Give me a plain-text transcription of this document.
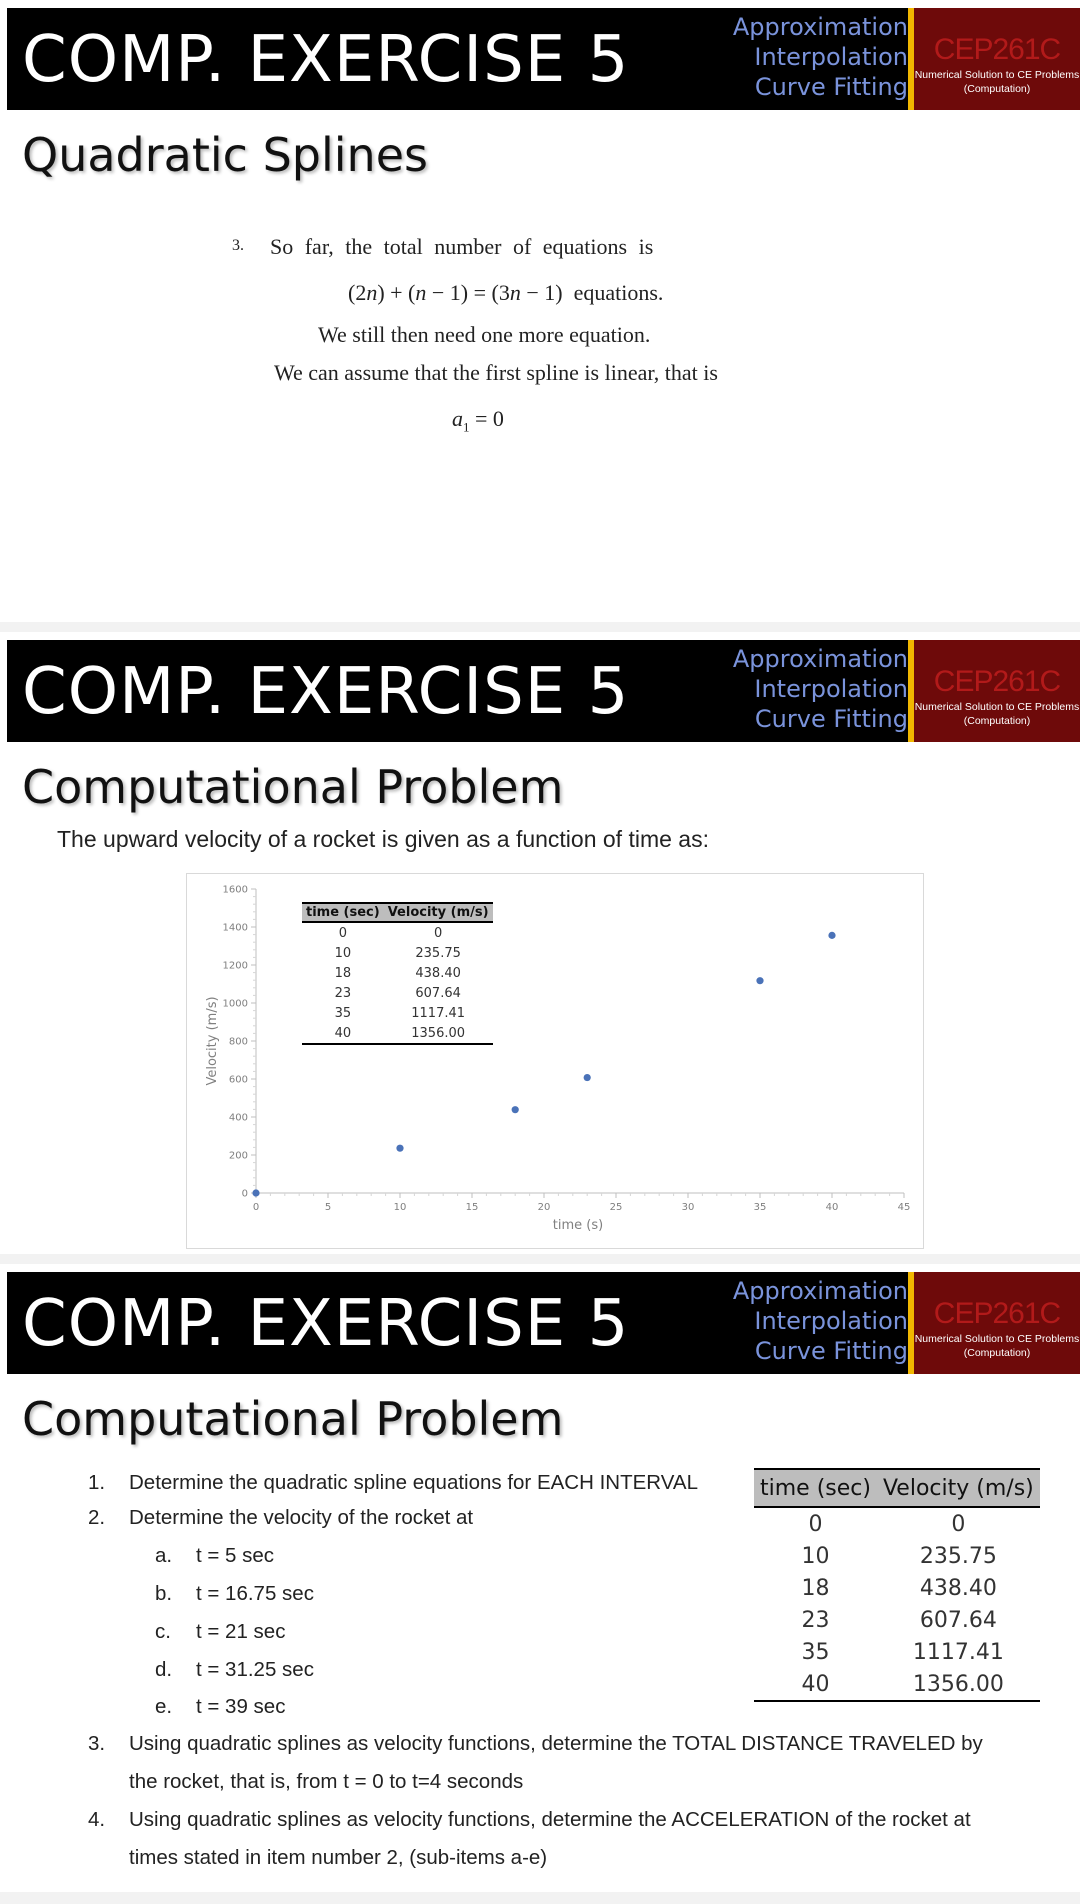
COMP. EXERCISE 5	Approximation
Interpolation
Curve Fitting
CEP261C
Numerical Solution to CE Problems
(Computation)
Quadratic Splines
3. So far, the total number of equations is
(2n) + (n − 1) = (3n − 1) equations.
We still then need one more equation.
We can assume that the first spline is linear, that is
$a_1 = 0$
COMP. EXERCISE 5	Approximation
Interpolation
Curve Fitting
CEP261C
Numerical Solution to CE Problems
(Computation)
Computational Problem
The upward velocity of a rocket is given as a function of time as:
0
200
400
600
800
1000
1200
1400
1600
0	5	10	15	20	25	30	35	40	45
time (s)
Velocity (m/s)
time (sec)	Velocity (m/s)
0	0
10	235.75
18	438.40
23	607.64
35	1117.41
40	1356.00
COMP. EXERCISE 5	Approximation
Interpolation
Curve Fitting
CEP261C
Numerical Solution to CE Problems
(Computation)
Computational Problem
1. Determine the quadratic spline equations for EACH INTERVAL
2. Determine the velocity of the rocket at
a. t = 5 sec
b. t = 16.75 sec
c. t = 21 sec
d. t = 31.25 sec
e. t = 39 sec
3. Using quadratic splines as velocity functions, determine the TOTAL DISTANCE TRAVELED by
the rocket, that is, from t = 0 to t=4 seconds
4. Using quadratic splines as velocity functions, determine the ACCELERATION of the rocket at
times stated in item number 2, (sub-items a-e)
time (sec)	Velocity (m/s)
0	0
10	235.75
18	438.40
23	607.64
35	1117.41
40	1356.00
